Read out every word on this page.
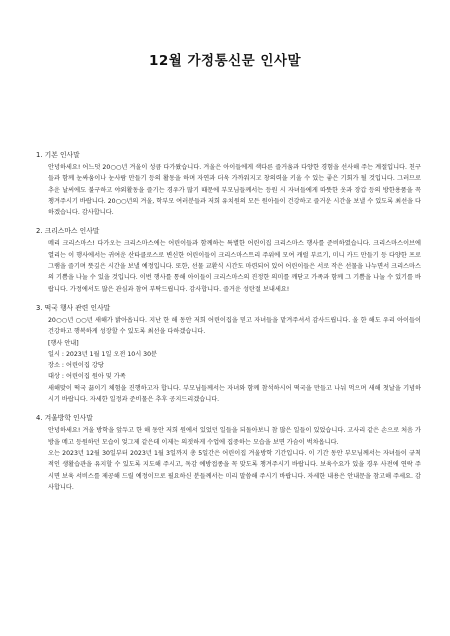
12월 가정통신문 인사말
1. 기본 인사말

안녕하세요! 어느덧 20○○년 겨울이 성큼 다가왔습니다. 겨울은 아이들에게 색다른 즐거움과 다양한 경험을 선사해 주는 계절입니다. 친구들과 함께 눈싸움이나 눈사람 만들기 등의 활동을 하며 자연과 더욱 가까워지고 창의력을 키울 수 있는 좋은 기회가 될 것입니다. 그러므로 추운 날씨에도 불구하고 야외활동을 즐기는 경우가 많기 때문에 부모님들께서는 등원 시 자녀들에게 따뜻한 옷과 장갑 등의 방한용품을 꼭 챙겨주시기 바랍니다. 20○○년의 겨울, 학부모 여러분들과 저희 유치원의 모든 원아들이 건강하고 즐거운 시간을 보낼 수 있도록 최선을 다하겠습니다. 감사합니다.

2. 크리스마스 인사말

메리 크리스마스! 다가오는 크리스마스에는 어린이들과 함께하는 특별한 어린이집 크리스마스 행사를 준비하였습니다. 크리스마스이브에 열리는 이 행사에서는 귀여운 산타클로스로 변신한 어린이들이 크리스마스트리 주위에 모여 캐럴 부르기, 미니 카드 만들기 등 다양한 프로그램을 즐기며 뜻깊은 시간을 보낼 예정입니다. 또한, 선물 교환식 시간도 마련되어 있어 어린이들은 서로 작은 선물을 나누면서 크리스마스의 기쁨을 나눌 수 있을 것입니다. 이번 행사를 통해 아이들이 크리스마스의 진정한 의미를 깨닫고 가족과 함께 그 기쁨을 나눌 수 있기를 바랍니다. 가정에서도 많은 관심과 참여 부탁드립니다. 감사합니다. 즐거운 성탄절 보내세요!

3. 떡국 행사 관련 인사말

20○○년 ○○년 새해가 밝아옵니다. 지난 한 해 동안 저희 어린이집을 믿고 자녀들을 맡겨주셔서 감사드립니다. 올 한 해도 우리 아이들이 건강하고 행복하게 성장할 수 있도록 최선을 다하겠습니다.

[행사 안내]

일시 : 2023년 1월 1일 오전 10시 30분

장소 : 어린이집 강당

대상 : 어린이집 원아 및 가족

새해맞이 떡국 끓이기 체험을 진행하고자 합니다. 부모님들께서는 자녀와 함께 참석하시어 떡국을 만들고 나눠 먹으며 새해 첫날을 기념하시기 바랍니다. 자세한 일정과 준비물은 추후 공지드리겠습니다.

4. 겨울방학 인사말

안녕하세요! 겨울 방학을 앞두고 한 해 동안 저희 원에서 있었던 일들을 되돌아보니 참 많은 일들이 있었습니다. 고사리 같은 손으로 처음 가방을 메고 등원하던 모습이 엊그제 같은데 이제는 의젓하게 수업에 집중하는 모습을 보면 가슴이 벅차옵니다.

오는 2023년 12월 30일부터 2023년 1월 3일까지 총 5일간은 어린이집 겨울방학 기간입니다. 이 기간 동안 부모님께서는 자녀들이 규칙적인 생활습관을 유지할 수 있도록 지도해 주시고, 독감 예방접종을 꼭 맞도록 챙겨주시기 바랍니다. 보육수요가 있을 경우 사전에 연락 주시면 보육 서비스를 제공해 드릴 예정이므로 필요하신 분들께서는 미리 말씀해 주시기 바랍니다. 자세한 내용은 안내문을 참고해 주세요. 감사합니다.
